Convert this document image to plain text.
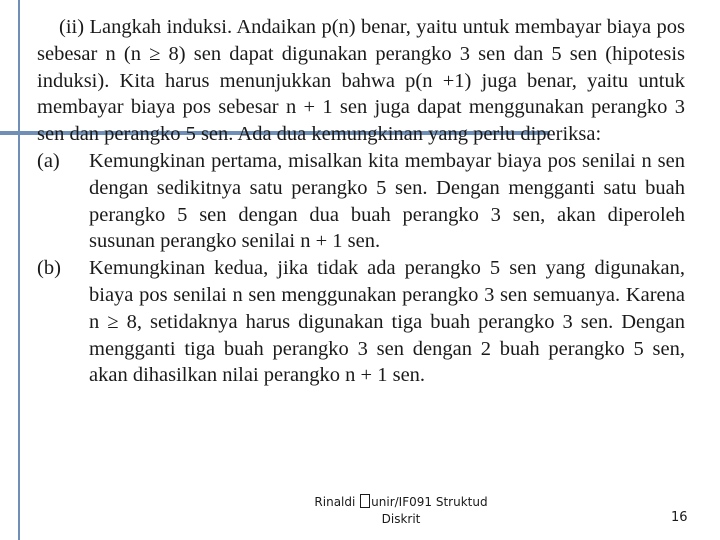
(ii) Langkah induksi. Andaikan p(n) benar, yaitu untuk membayar biaya pos sebesar n (n ≥ 8) sen dapat digunakan perangko 3 sen dan 5 sen (hipotesis induksi). Kita harus menunjukkan bahwa p(n +1) juga benar, yaitu untuk membayar biaya pos sebesar n + 1 sen juga dapat menggunakan perangko 3 sen dan perangko 5 sen. Ada dua kemungkinan yang perlu diperiksa:

(a)	Kemungkinan pertama, misalkan kita membayar biaya pos senilai n sen dengan sedikitnya satu perangko 5 sen. Dengan mengganti satu buah perangko 5 sen dengan dua buah perangko 3 sen, akan diperoleh susunan perangko senilai n + 1 sen.
(b)	Kemungkinan kedua, jika tidak ada perangko 5 sen yang digunakan, biaya pos senilai n sen menggunakan perangko 3 sen semuanya. Karena n ≥ 8, setidaknya harus digunakan tiga buah perangko 3 sen. Dengan mengganti tiga buah perangko 3 sen dengan 2 buah perangko 5 sen, akan dihasilkan nilai perangko n + 1 sen.
Rinaldi unir/IF091 Struktud
Diskrit	16
